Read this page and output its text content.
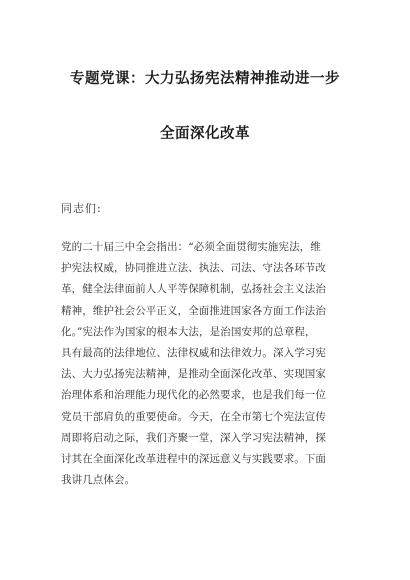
专题党课：大力弘扬宪法精神推动进一步
全面深化改革

同志们:

党的二十届三中全会指出：“必须全面贯彻实施宪法，维
护宪法权威，协同推进立法、执法、司法、守法各环节改
革，健全法律面前人人平等保障机制，弘扬社会主义法治
精神，维护社会公平正义，全面推进国家各方面工作法治
化。”宪法作为国家的根本大法，是治国安邦的总章程，
具有最高的法律地位、法律权威和法律效力。深入学习宪
法、大力弘扬宪法精神，是推动全面深化改革、实现国家
治理体系和治理能力现代化的必然要求，也是我们每一位
党员干部肩负的重要使命。今天，在全市第七个宪法宣传
周即将启动之际，我们齐聚一堂，深入学习宪法精神，探
讨其在全面深化改革进程中的深远意义与实践要求。下面
我讲几点体会。
